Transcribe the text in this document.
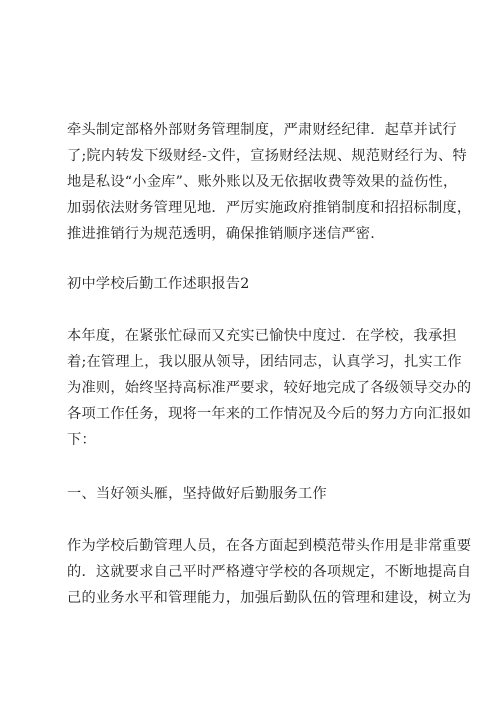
牵头制定部格外部财务管理制度，严肃财经纪律．起草并试行
了;院内转发下级财经-文件，宣扬财经法规、规范财经行为、特
地是私设“小金库”、账外账以及无依据收费等效果的益伤性，
加弱依法财务管理见地．严厉实施政府推销制度和招招标制度，
推进推销行为规范透明，确保推销顺序迷信严密.
初中学校后勤工作述职报告2
本年度，在紧张忙碌而又充实已愉快中度过．在学校，我承担
着;在管理上，我以服从领导，团结同志，认真学习，扎实工作
为准则，始终坚持高标准严要求，较好地完成了各级领导交办的
各项工作任务，现将一年来的工作情况及今后的努力方向汇报如
下：
一、当好领头雁，坚持做好后勤服务工作
作为学校后勤管理人员，在各方面起到模范带头作用是非常重要
的．这就要求自己平时严格遵守学校的各项规定，不断地提高自
己的业务水平和管理能力，加强后勤队伍的管理和建设，树立为
